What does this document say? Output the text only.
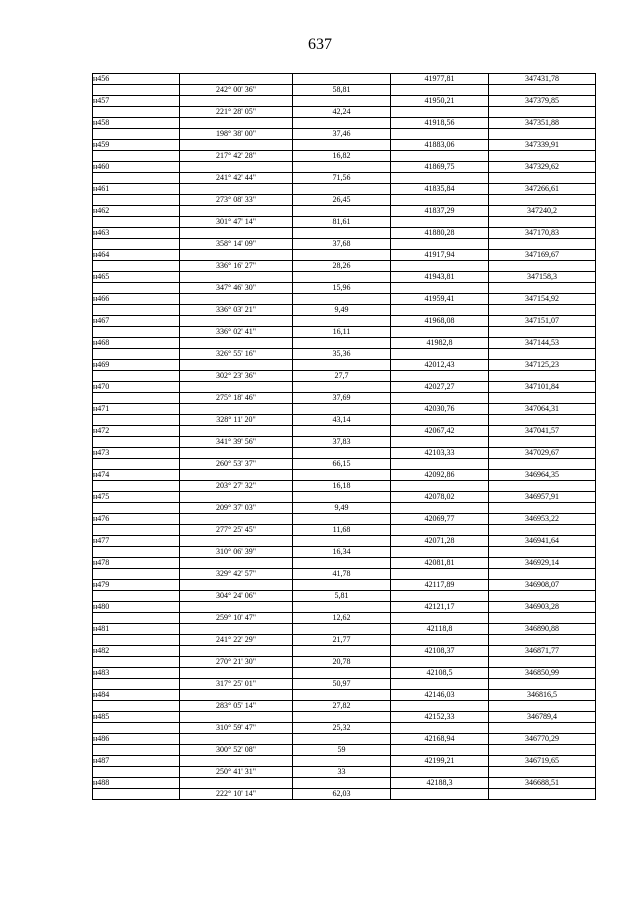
637
н456			41977,81	347431,78
	242° 00' 36"	58,81		
н457			41950,21	347379,85
	221° 28' 05"	42,24		
н458			41918,56	347351,88
	198° 38' 00"	37,46		
н459			41883,06	347339,91
	217° 42' 28"	16,82		
н460			41869,75	347329,62
	241° 42' 44"	71,56		
н461			41835,84	347266,61
	273° 08' 33"	26,45		
н462			41837,29	347240,2
	301° 47' 14"	81,61		
н463			41880,28	347170,83
	358° 14' 09"	37,68		
н464			41917,94	347169,67
	336° 16' 27"	28,26		
н465			41943,81	347158,3
	347° 46' 30"	15,96		
н466			41959,41	347154,92
	336° 03' 21"	9,49		
н467			41968,08	347151,07
	336° 02' 41"	16,11		
н468			41982,8	347144,53
	326° 55' 16"	35,36		
н469			42012,43	347125,23
	302° 23' 36"	27,7		
н470			42027,27	347101,84
	275° 18' 46"	37,69		
н471			42030,76	347064,31
	328° 11' 20"	43,14		
н472			42067,42	347041,57
	341° 39' 56"	37,83		
н473			42103,33	347029,67
	260° 53' 37"	66,15		
н474			42092,86	346964,35
	203° 27' 32"	16,18		
н475			42078,02	346957,91
	209° 37' 03"	9,49		
н476			42069,77	346953,22
	277° 25' 45"	11,68		
н477			42071,28	346941,64
	310° 06' 39"	16,34		
н478			42081,81	346929,14
	329° 42' 57"	41,78		
н479			42117,89	346908,07
	304° 24' 06"	5,81		
н480			42121,17	346903,28
	259° 10' 47"	12,62		
н481			42118,8	346890,88
	241° 22' 29"	21,77		
н482			42108,37	346871,77
	270° 21' 30"	20,78		
н483			42108,5	346850,99
	317° 25' 01"	50,97		
н484			42146,03	346816,5
	283° 05' 14"	27,82		
н485			42152,33	346789,4
	310° 59' 47"	25,32		
н486			42168,94	346770,29
	300° 52' 08"	59		
н487			42199,21	346719,65
	250° 41' 31"	33		
н488			42188,3	346688,51
	222° 10' 14"	62,03		
